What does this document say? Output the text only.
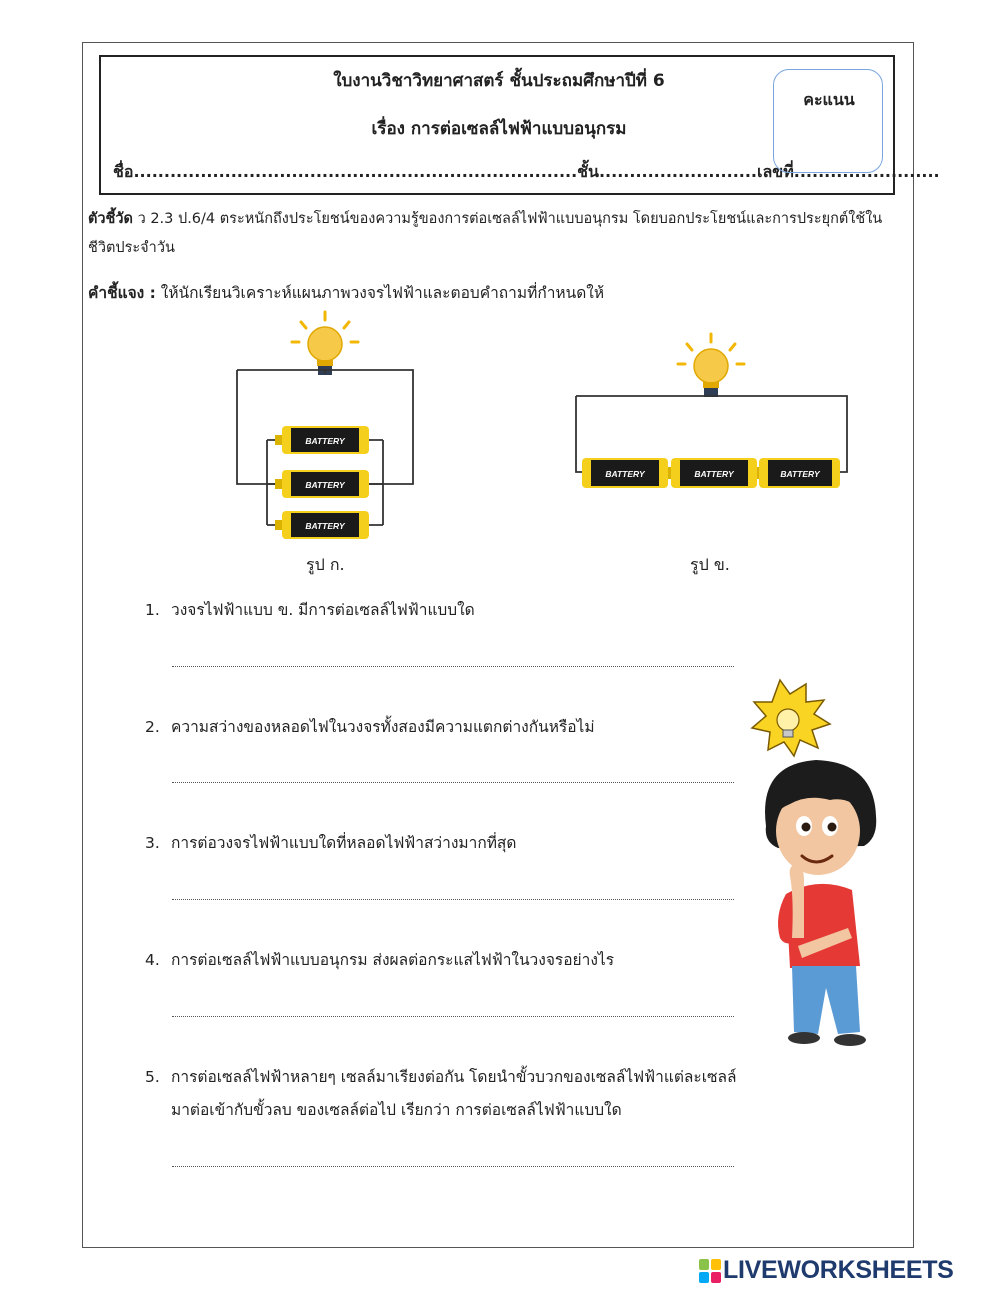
ใบงานวิชาวิทยาศาสตร์ ชั้นประถมศึกษาปีที่ 6
เรื่อง การต่อเซลล์ไฟฟ้าแบบอนุกรม
ชื่อ.........................................................................ชั้น..........................เลขที่........................
คะแนน
ตัวชี้วัด ว 2.3 ป.6/4 ตระหนักถึงประโยชน์ของความรู้ของการต่อเซลล์ไฟฟ้าแบบอนุกรม โดยบอกประโยชน์และการประยุกต์ใช้ในชีวิตประจำวัน
คำชี้แจง : ให้นักเรียนวิเคราะห์แผนภาพวงจรไฟฟ้าและตอบคำถามที่กำหนดให้
BATTERY
BATTERY
BATTERY
รูป ก.
BATTERY	BATTERY	BATTERY
รูป ข.
1. วงจรไฟฟ้าแบบ ข. มีการต่อเซลล์ไฟฟ้าแบบใด
2. ความสว่างของหลอดไฟในวงจรทั้งสองมีความแตกต่างกันหรือไม่
3. การต่อวงจรไฟฟ้าแบบใดที่หลอดไฟฟ้าสว่างมากที่สุด
4. การต่อเซลล์ไฟฟ้าแบบอนุกรม ส่งผลต่อกระแสไฟฟ้าในวงจรอย่างไร
5. การต่อเซลล์ไฟฟ้าหลายๆ เซลล์มาเรียงต่อกัน โดยนำขั้วบวกของเซลล์ไฟฟ้าแต่ละเซลล์
มาต่อเข้ากับขั้วลบ ของเซลล์ต่อไป เรียกว่า การต่อเซลล์ไฟฟ้าแบบใด
LIVEWORKSHEETS
